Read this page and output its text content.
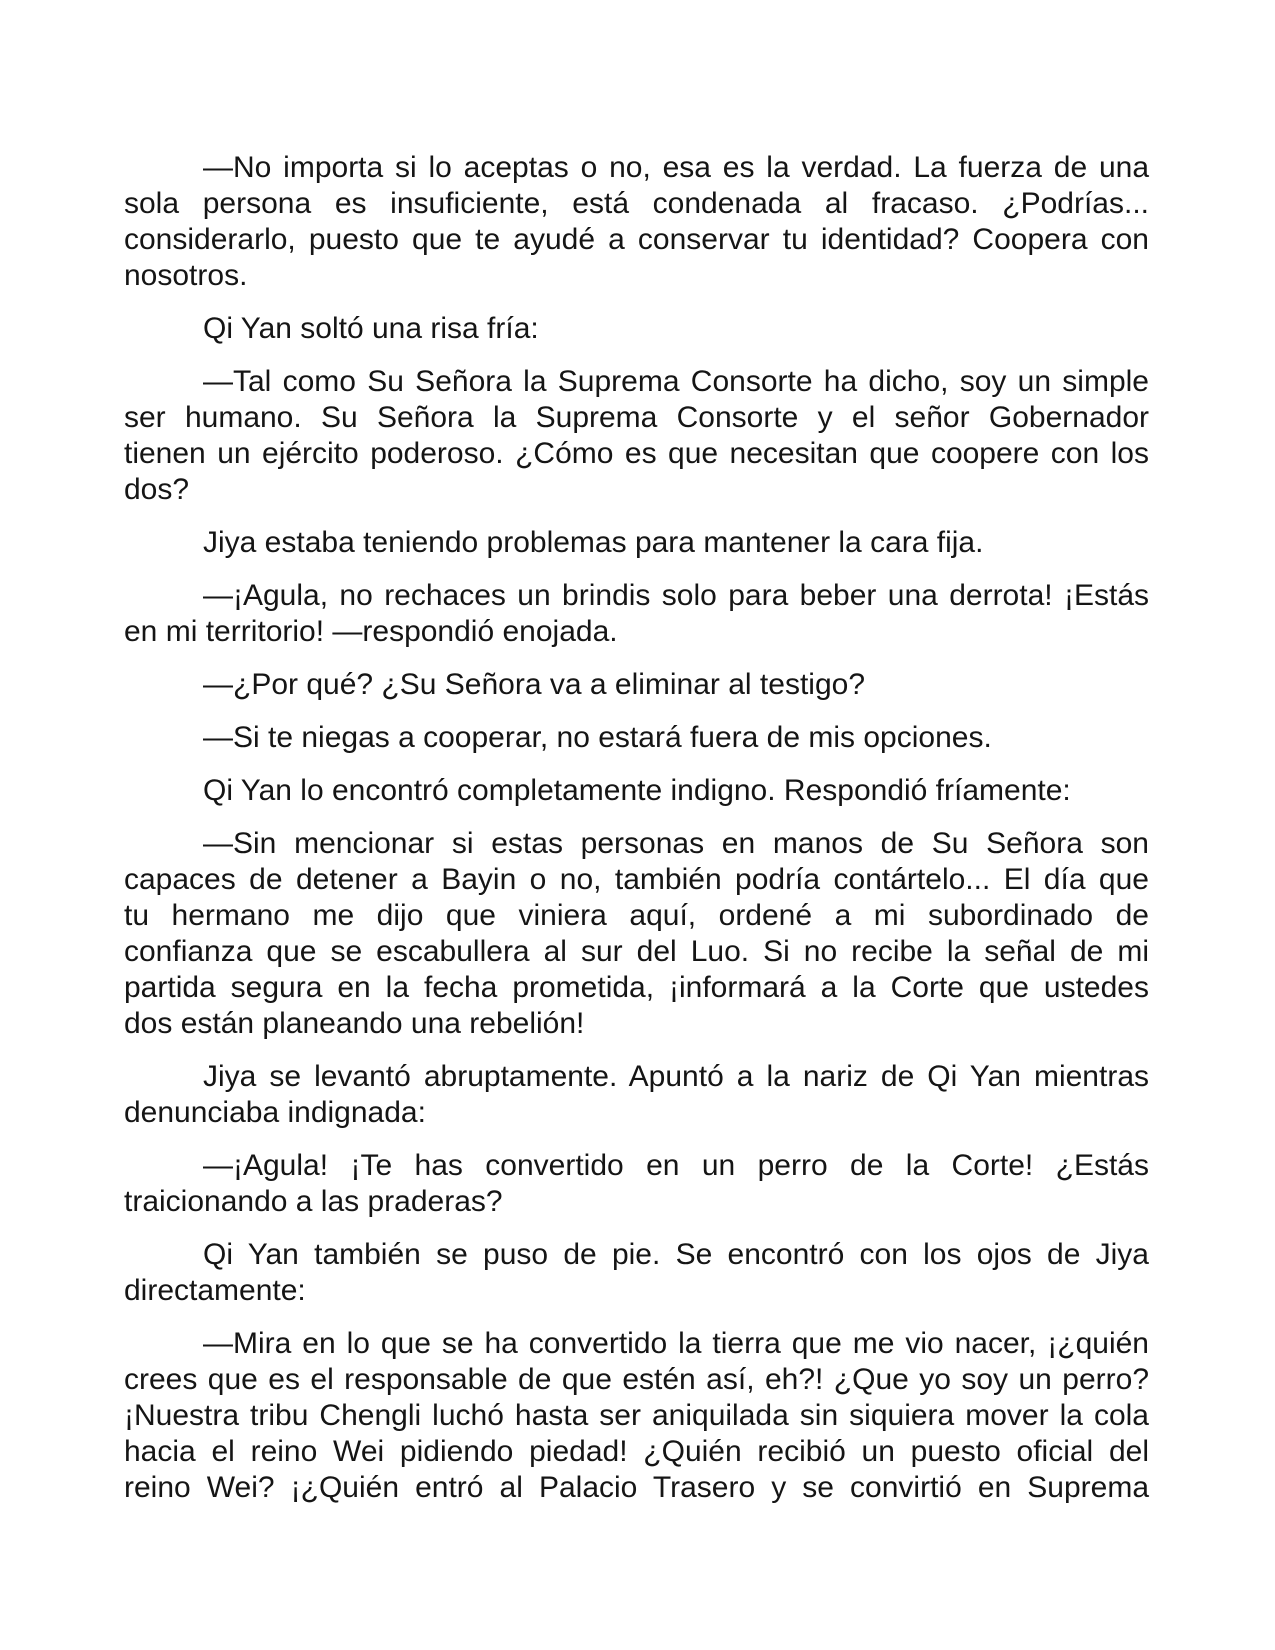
—No importa si lo aceptas o no, esa es la verdad. La fuerza de una
sola persona es insuficiente, está condenada al fracaso. ¿Podrías...
considerarlo, puesto que te ayudé a conservar tu identidad? Coopera con
nosotros.
Qi Yan soltó una risa fría:
—Tal como Su Señora la Suprema Consorte ha dicho, soy un simple
ser humano. Su Señora la Suprema Consorte y el señor Gobernador
tienen un ejército poderoso. ¿Cómo es que necesitan que coopere con los
dos?
Jiya estaba teniendo problemas para mantener la cara fija.
—¡Agula, no rechaces un brindis solo para beber una derrota! ¡Estás
en mi territorio! —respondió enojada.
—¿Por qué? ¿Su Señora va a eliminar al testigo?
—Si te niegas a cooperar, no estará fuera de mis opciones.
Qi Yan lo encontró completamente indigno. Respondió fríamente:
—Sin mencionar si estas personas en manos de Su Señora son
capaces de detener a Bayin o no, también podría contártelo... El día que
tu hermano me dijo que viniera aquí, ordené a mi subordinado de
confianza que se escabullera al sur del Luo. Si no recibe la señal de mi
partida segura en la fecha prometida, ¡informará a la Corte que ustedes
dos están planeando una rebelión!
Jiya se levantó abruptamente. Apuntó a la nariz de Qi Yan mientras
denunciaba indignada:
—¡Agula! ¡Te has convertido en un perro de la Corte! ¿Estás
traicionando a las praderas?
Qi Yan también se puso de pie. Se encontró con los ojos de Jiya
directamente:
—Mira en lo que se ha convertido la tierra que me vio nacer, ¡¿quién
crees que es el responsable de que estén así, eh?! ¿Que yo soy un perro?
¡Nuestra tribu Chengli luchó hasta ser aniquilada sin siquiera mover la cola
hacia el reino Wei pidiendo piedad! ¿Quién recibió un puesto oficial del
reino Wei? ¡¿Quién entró al Palacio Trasero y se convirtió en Suprema
